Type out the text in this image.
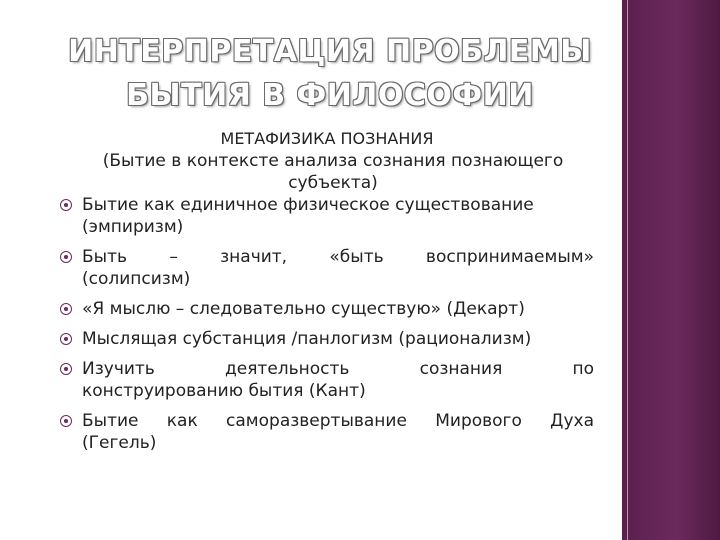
ИНТЕРПРЕТАЦИЯ ПРОБЛЕМЫ
БЫТИЯ В ФИЛОСОФИИ

МЕТАФИЗИКА ПОЗНАНИЯ

(Бытие в контексте анализа сознания познающего
субъекта)

Бытие как единичное физическое существование
(эмпиризм)
Быть – значит, «быть воспринимаемым»
(солипсизм)
«Я мыслю – следовательно существую» (Декарт)
Мыслящая субстанция /панлогизм (рационализм)
Изучить деятельность сознания по
конструированию бытия (Кант)
Бытие как саморазвертывание Мирового Духа
(Гегель)
